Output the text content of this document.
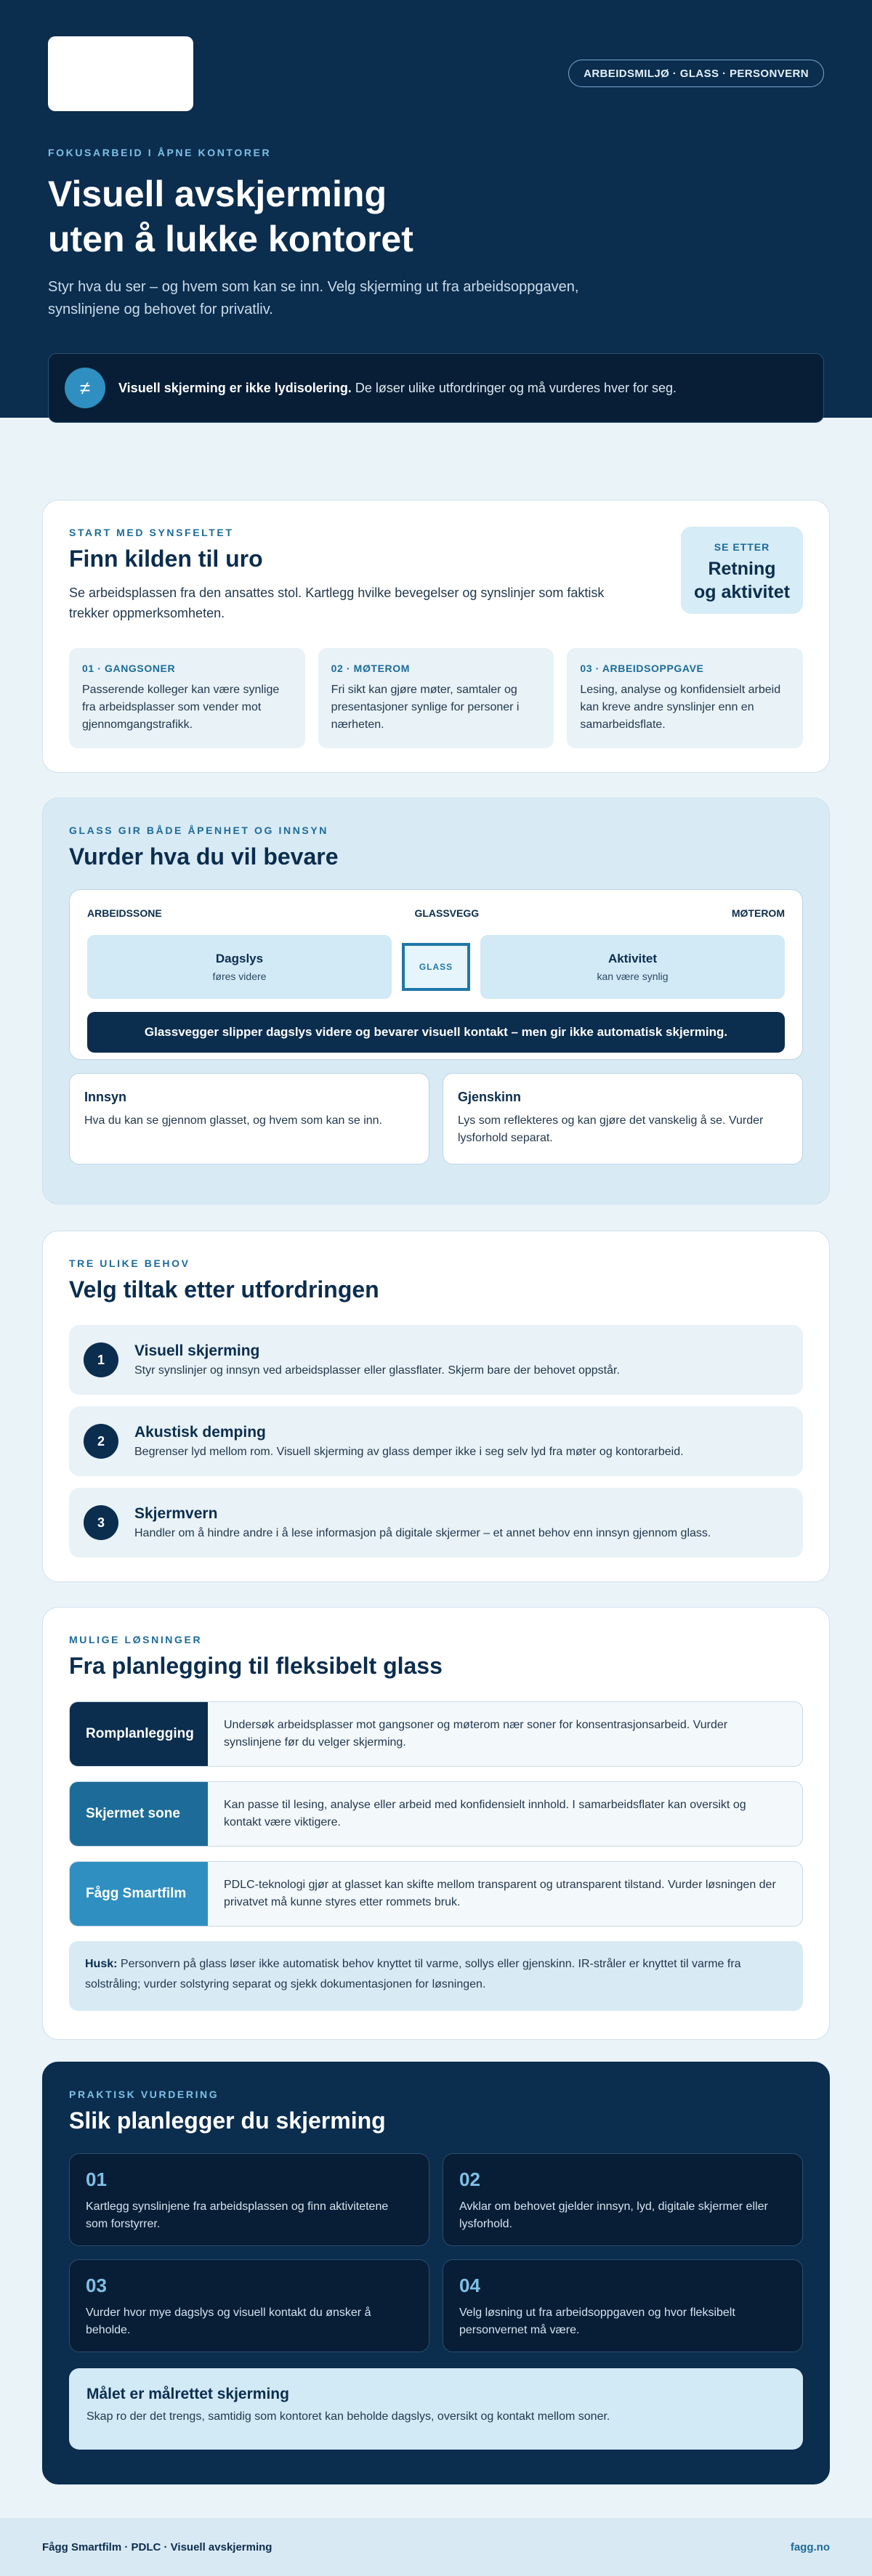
ARBEIDSMILJØ · GLASS · PERSONVERN
FOKUSARBEID I ÅPNE KONTORER
Visuell avskjerming
uten å lukke kontoret

Styr hva du ser – og hvem som kan se inn. Velg skjerming ut fra arbeidsoppgaven, synslinjene og behovet for privatliv.

≠	Visuell skjerming er ikke lydisolering. De løser ulike utfordringer og må vurderes hver for seg.

START MED SYNSFELTET
Finn kilden til uro

Se arbeidsplassen fra den ansattes stol. Kartlegg hvilke bevegelser og synslinjer som faktisk trekker oppmerksomheten.

SE ETTER
Retning
og aktivitet
01 · GANGSONER
Passerende kolleger kan være synlige fra arbeidsplasser som vender mot gjennomgangstrafikk.
02 · MØTEROM
Fri sikt kan gjøre møter, samtaler og presentasjoner synlige for personer i nærheten.
03 · ARBEIDSOPPGAVE
Lesing, analyse og konfidensielt arbeid kan kreve andre synslinjer enn en samarbeidsflate.
GLASS GIR BÅDE ÅPENHET OG INNSYN
Vurder hva du vil bevare
ARBEIDSSONE	GLASSVEGG	MØTEROM
Dagslys
føres videre
GLASS
Aktivitet
kan være synlig
Glassvegger slipper dagslys videre og bevarer visuell kontakt – men gir ikke automatisk skjerming.
Innsyn
Hva du kan se gjennom glasset, og hvem som kan se inn.
Gjenskinn
Lys som reflekteres og kan gjøre det vanskelig å se. Vurder lysforhold separat.
TRE ULIKE BEHOV
Velg tiltak etter utfordringen
1
Visuell skjerming
Styr synslinjer og innsyn ved arbeidsplasser eller glassflater. Skjerm bare der behovet oppstår.
2
Akustisk demping
Begrenser lyd mellom rom. Visuell skjerming av glass demper ikke i seg selv lyd fra møter og kontorarbeid.
3
Skjermvern
Handler om å hindre andre i å lese informasjon på digitale skjermer – et annet behov enn innsyn gjennom glass.
MULIGE LØSNINGER
Fra planlegging til fleksibelt glass
Romplanlegging
Undersøk arbeidsplasser mot gangsoner og møterom nær soner for konsentrasjonsarbeid. Vurder synslinjene før du velger skjerming.
Skjermet sone
Kan passe til lesing, analyse eller arbeid med konfidensielt innhold. I samarbeidsflater kan oversikt og kontakt være viktigere.
Fågg Smartfilm
PDLC-teknologi gjør at glasset kan skifte mellom transparent og utransparent tilstand. Vurder løsningen der privatvet må kunne styres etter rommets bruk.
Husk: Personvern på glass løser ikke automatisk behov knyttet til varme, sollys eller gjenskinn. IR-stråler er knyttet til varme fra solstråling; vurder solstyring separat og sjekk dokumentasjonen for løsningen.
PRAKTISK VURDERING
Slik planlegger du skjerming
01
Kartlegg synslinjene fra arbeidsplassen og finn aktivitetene som forstyrrer.
02
Avklar om behovet gjelder innsyn, lyd, digitale skjermer eller lysforhold.
03
Vurder hvor mye dagslys og visuell kontakt du ønsker å beholde.
04
Velg løsning ut fra arbeidsoppgaven og hvor fleksibelt personvernet må være.
Målet er målrettet skjerming
Skap ro der det trengs, samtidig som kontoret kan beholde dagslys, oversikt og kontakt mellom soner.
Fågg Smartfilm · PDLC · Visuell avskjerming	fagg.no
